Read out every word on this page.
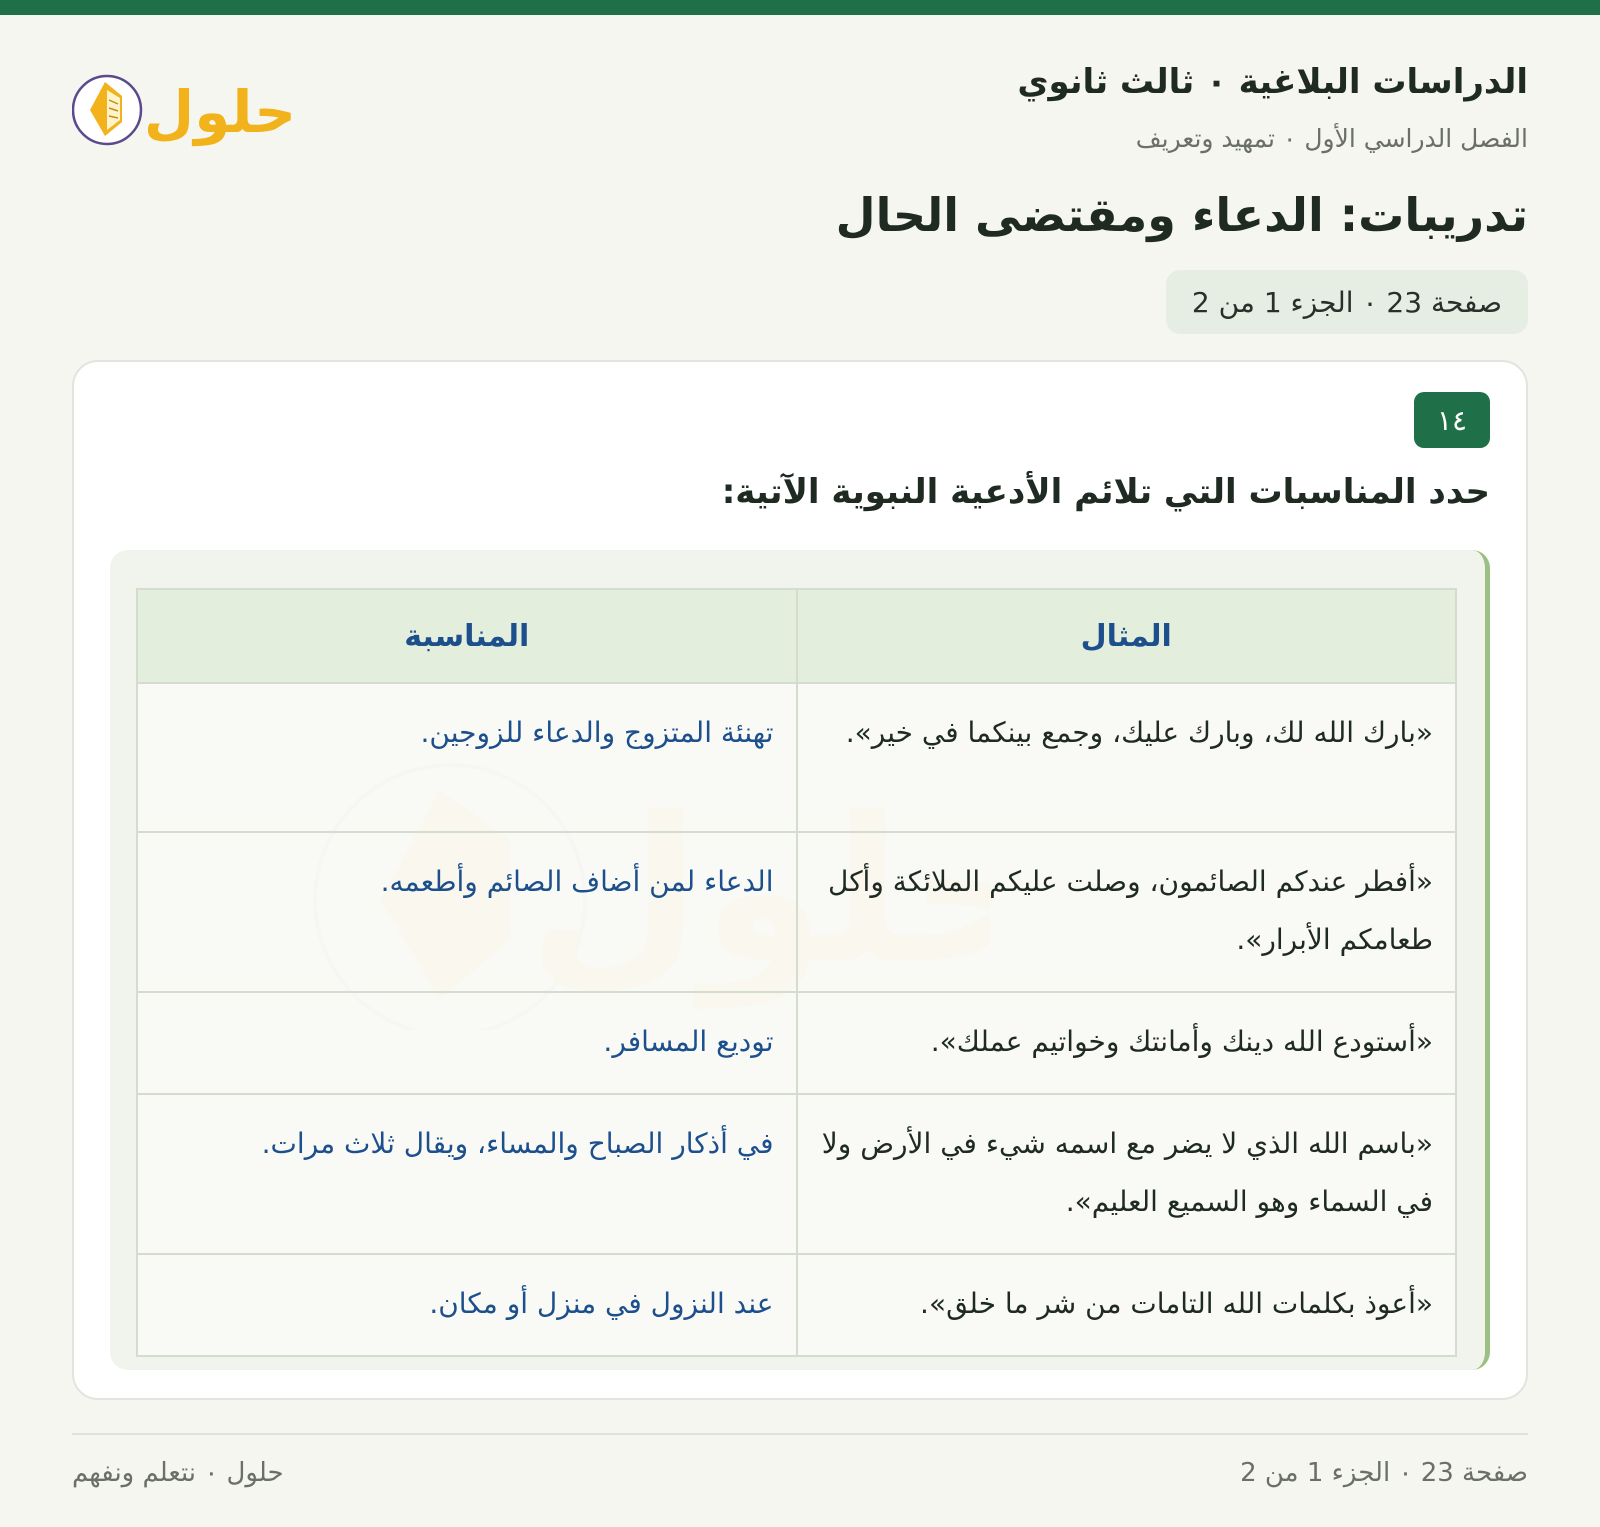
الدراسات البلاغية ٠ ثالث ثانوي
الفصل الدراسي الأول ٠ تمهيد وتعريف
حلول
تدريبات: الدعاء ومقتضى الحال
صفحة 23 ٠ الجزء 1 من 2
١٤
حدد المناسبات التي تلائم الأدعية النبوية الآتية:
المثال	المناسبة
«بارك الله لك، وبارك عليك، وجمع بينكما في خير».	تهنئة المتزوج والدعاء للزوجين.
«أفطر عندكم الصائمون، وصلت عليكم الملائكة وأكل طعامكم الأبرار».	الدعاء لمن أضاف الصائم وأطعمه.
«أستودع الله دينك وأمانتك وخواتيم عملك».	توديع المسافر.
«باسم الله الذي لا يضر مع اسمه شيء في الأرض ولا في السماء وهو السميع العليم».	في أذكار الصباح والمساء، ويقال ثلاث مرات.
«أعوذ بكلمات الله التامات من شر ما خلق».	عند النزول في منزل أو مكان.
صفحة 23 ٠ الجزء 1 من 2
حلول ٠ نتعلم ونفهم
